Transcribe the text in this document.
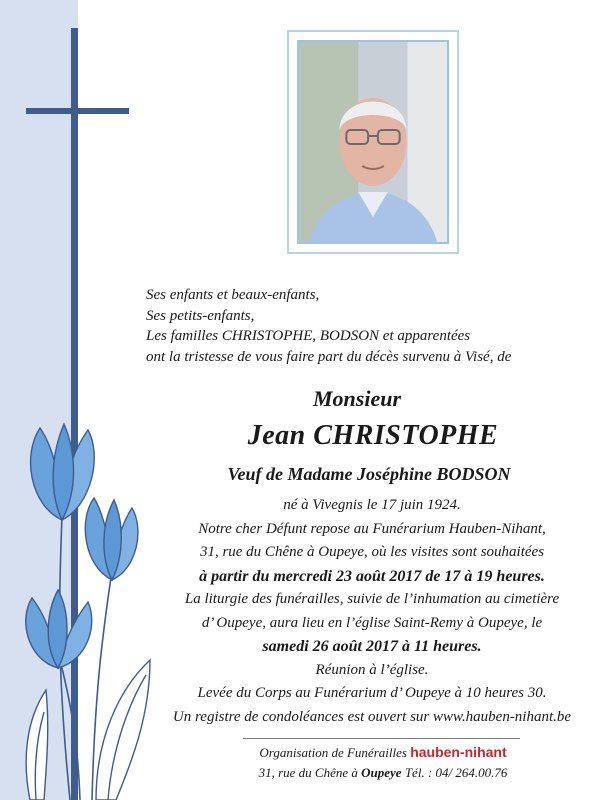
Ses enfants et beaux-enfants,
Ses petits-enfants,
Les familles CHRISTOPHE, BODSON et apparentées
ont la tristesse de vous faire part du décès survenu à Visé, de
Monsieur
Jean CHRISTOPHE
Veuf de Madame Joséphine BODSON
né à Vivegnis le 17 juin 1924.
Notre cher Défunt repose au Funérarium Hauben-Nihant,
31, rue du Chêne à Oupeye, où les visites sont souhaitées
à partir du mercredi 23 août 2017 de 17 à 19 heures.
La liturgie des funérailles, suivie de l’inhumation au cimetière
d’ Oupeye, aura lieu en l’église Saint-Remy à Oupeye, le
samedi 26 août 2017 à 11 heures.
Réunion à l’église.
Levée du Corps au Funérarium d’ Oupeye à 10 heures 30.
Un registre de condoléances est ouvert sur www.hauben-nihant.be
Organisation de Funérailles hauben-nihant
31, rue du Chêne à Oupeye Tél. : 04/ 264.00.76
